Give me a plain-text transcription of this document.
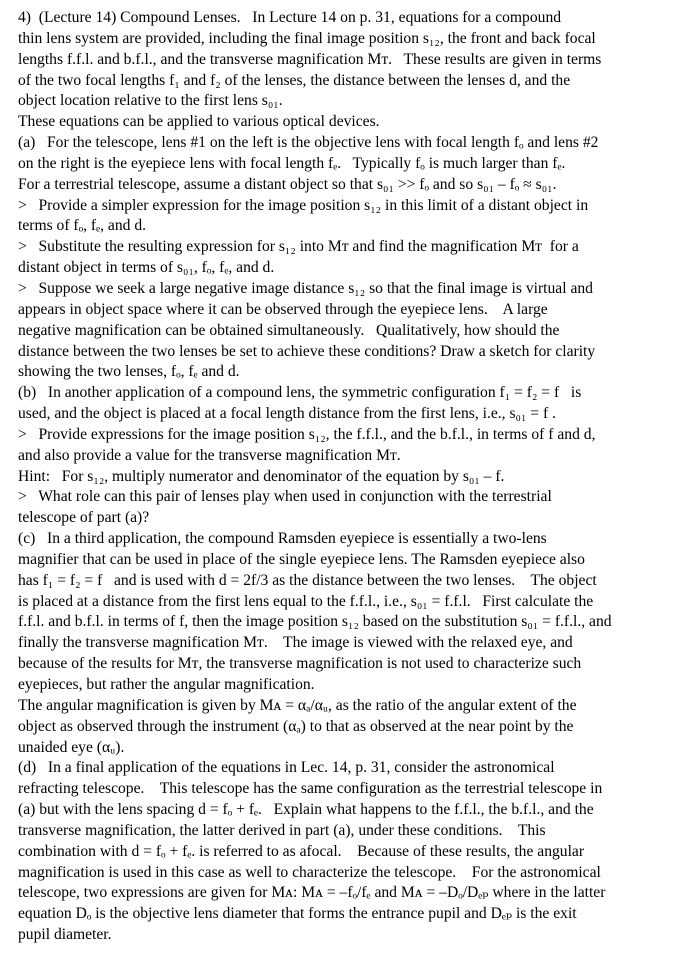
4)  (Lecture 14) Compound Lenses.   In Lecture 14 on p. 31, equations for a compound
thin lens system are provided, including the final image position s₁₂, the front and back focal
lengths f.f.l. and b.f.l., and the transverse magnification Mᴛ.   These results are given in terms
of the two focal lengths f₁ and f₂ of the lenses, the distance between the lenses d, and the
object location relative to the first lens s₀₁.
These equations can be applied to various optical devices.
(a)   For the telescope, lens #1 on the left is the objective lens with focal length fₒ and lens #2
on the right is the eyepiece lens with focal length fₑ.   Typically fₒ is much larger than fₑ.
For a terrestrial telescope, assume a distant object so that s₀₁ >> fₒ and so s₀₁ – fₒ ≈ s₀₁.
>   Provide a simpler expression for the image position s₁₂ in this limit of a distant object in
terms of fₒ, fₑ, and d.
>   Substitute the resulting expression for s₁₂ into Mᴛ and find the magnification Mᴛ  for a
distant object in terms of s₀₁, fₒ, fₑ, and d.
>   Suppose we seek a large negative image distance s₁₂ so that the final image is virtual and
appears in object space where it can be observed through the eyepiece lens.    A large
negative magnification can be obtained simultaneously.   Qualitatively, how should the
distance between the two lenses be set to achieve these conditions? Draw a sketch for clarity
showing the two lenses, fₒ, fₑ and d.
(b)   In another application of a compound lens, the symmetric configuration f₁ = f₂ = f   is
used, and the object is placed at a focal length distance from the first lens, i.e., s₀₁ = f .
>   Provide expressions for the image position s₁₂, the f.f.l., and the b.f.l., in terms of f and d,
and also provide a value for the transverse magnification Mᴛ.
Hint:   For s₁₂, multiply numerator and denominator of the equation by s₀₁ – f.
>   What role can this pair of lenses play when used in conjunction with the terrestrial
telescope of part (a)?
(c)   In a third application, the compound Ramsden eyepiece is essentially a two-lens
magnifier that can be used in place of the single eyepiece lens. The Ramsden eyepiece also
has f₁ = f₂ = f   and is used with d = 2f/3 as the distance between the two lenses.    The object
is placed at a distance from the first lens equal to the f.f.l., i.e., s₀₁ = f.f.l.   First calculate the
f.f.l. and b.f.l. in terms of f, then the image position s₁₂ based on the substitution s₀₁ = f.f.l., and
finally the transverse magnification Mᴛ.    The image is viewed with the relaxed eye, and
because of the results for Mᴛ, the transverse magnification is not used to characterize such
eyepieces, but rather the angular magnification.
The angular magnification is given by Mᴀ = αₐ/αᵤ, as the ratio of the angular extent of the
object as observed through the instrument (αₐ) to that as observed at the near point by the
unaided eye (αᵤ).
(d)   In a final application of the equations in Lec. 14, p. 31, consider the astronomical
refracting telescope.    This telescope has the same configuration as the terrestrial telescope in
(a) but with the lens spacing d = fₒ + fₑ.   Explain what happens to the f.f.l., the b.f.l., and the
transverse magnification, the latter derived in part (a), under these conditions.    This
combination with d = fₒ + fₑ. is referred to as afocal.    Because of these results, the angular
magnification is used in this case as well to characterize the telescope.    For the astronomical
telescope, two expressions are given for Mᴀ: Mᴀ = –fₒ/fₑ and Mᴀ = –Dₒ/Dₑₚ where in the latter
equation Dₒ is the objective lens diameter that forms the entrance pupil and Dₑₚ is the exit
pupil diameter.
